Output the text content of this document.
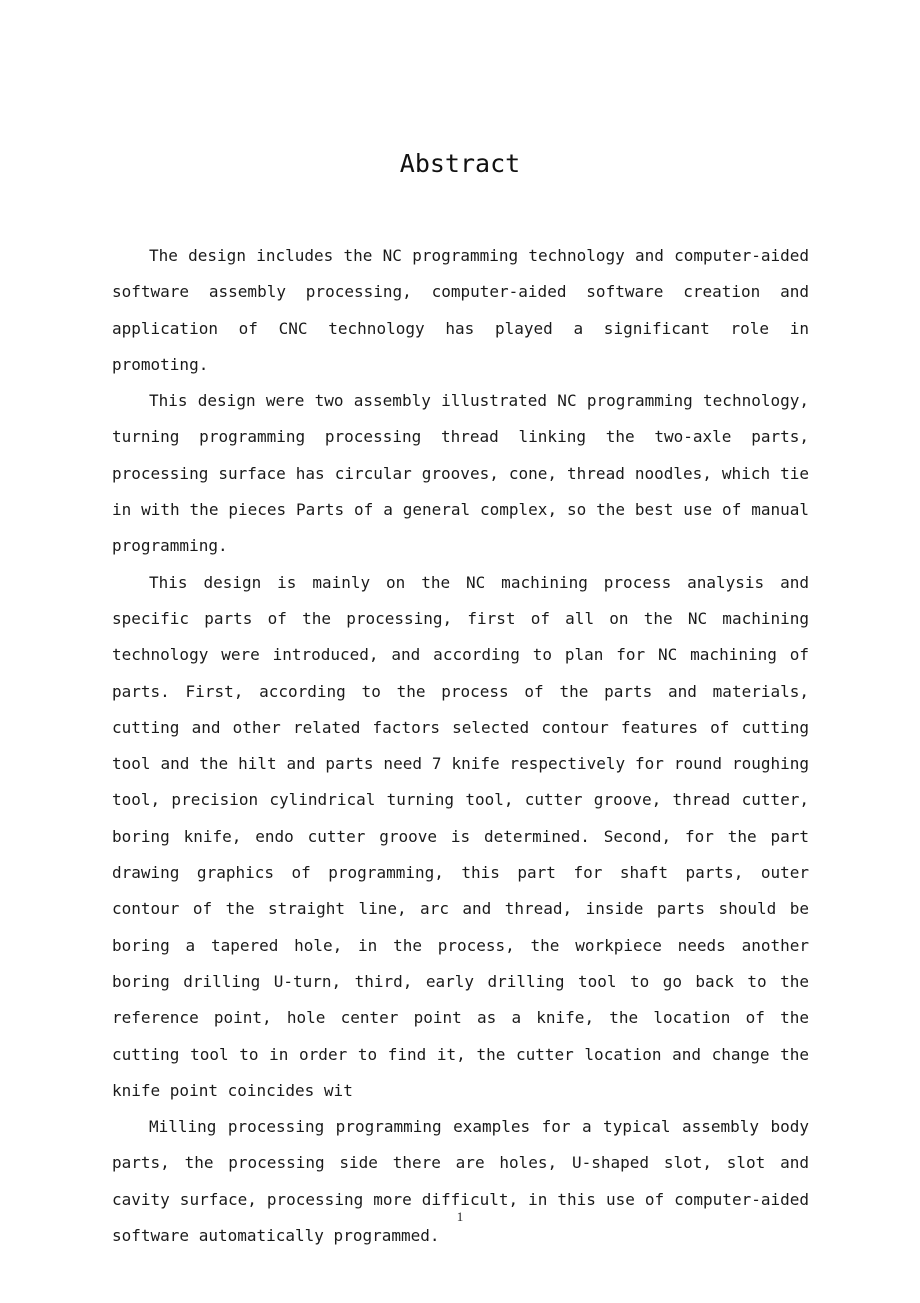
Abstract

The design includes the NC programming technology and computer-aided software assembly processing, computer-aided software creation and application of CNC technology has played a significant role in promoting.

This design were two assembly illustrated NC programming technology, turning programming processing thread linking the two-axle parts, processing surface has circular grooves, cone, thread noodles, which tie in with the pieces Parts of a general complex, so the best use of manual programming.

This design is mainly on the NC machining process analysis and specific parts of the processing, first of all on the NC machining technology were introduced, and according to plan for NC machining of parts. First, according to the process of the parts and materials, cutting and other related factors selected contour features of cutting tool and the hilt and parts need 7 knife respectively for round roughing tool, precision cylindrical turning tool, cutter groove, thread cutter, boring knife, endo cutter groove is determined. Second, for the part drawing graphics of programming, this part for shaft parts, outer contour of the straight line, arc and thread, inside parts should be boring a tapered hole, in the process, the workpiece needs another boring drilling U-turn, third, early drilling tool to go back to the reference point, hole center point as a knife, the location of the cutting tool to in order to find it, the cutter location and change the knife point coincides wit

Milling processing programming examples for a typical assembly body parts, the processing side there are holes, U-shaped slot, slot and cavity surface, processing more difficult, in this use of computer-aided software automatically programmed.

1
